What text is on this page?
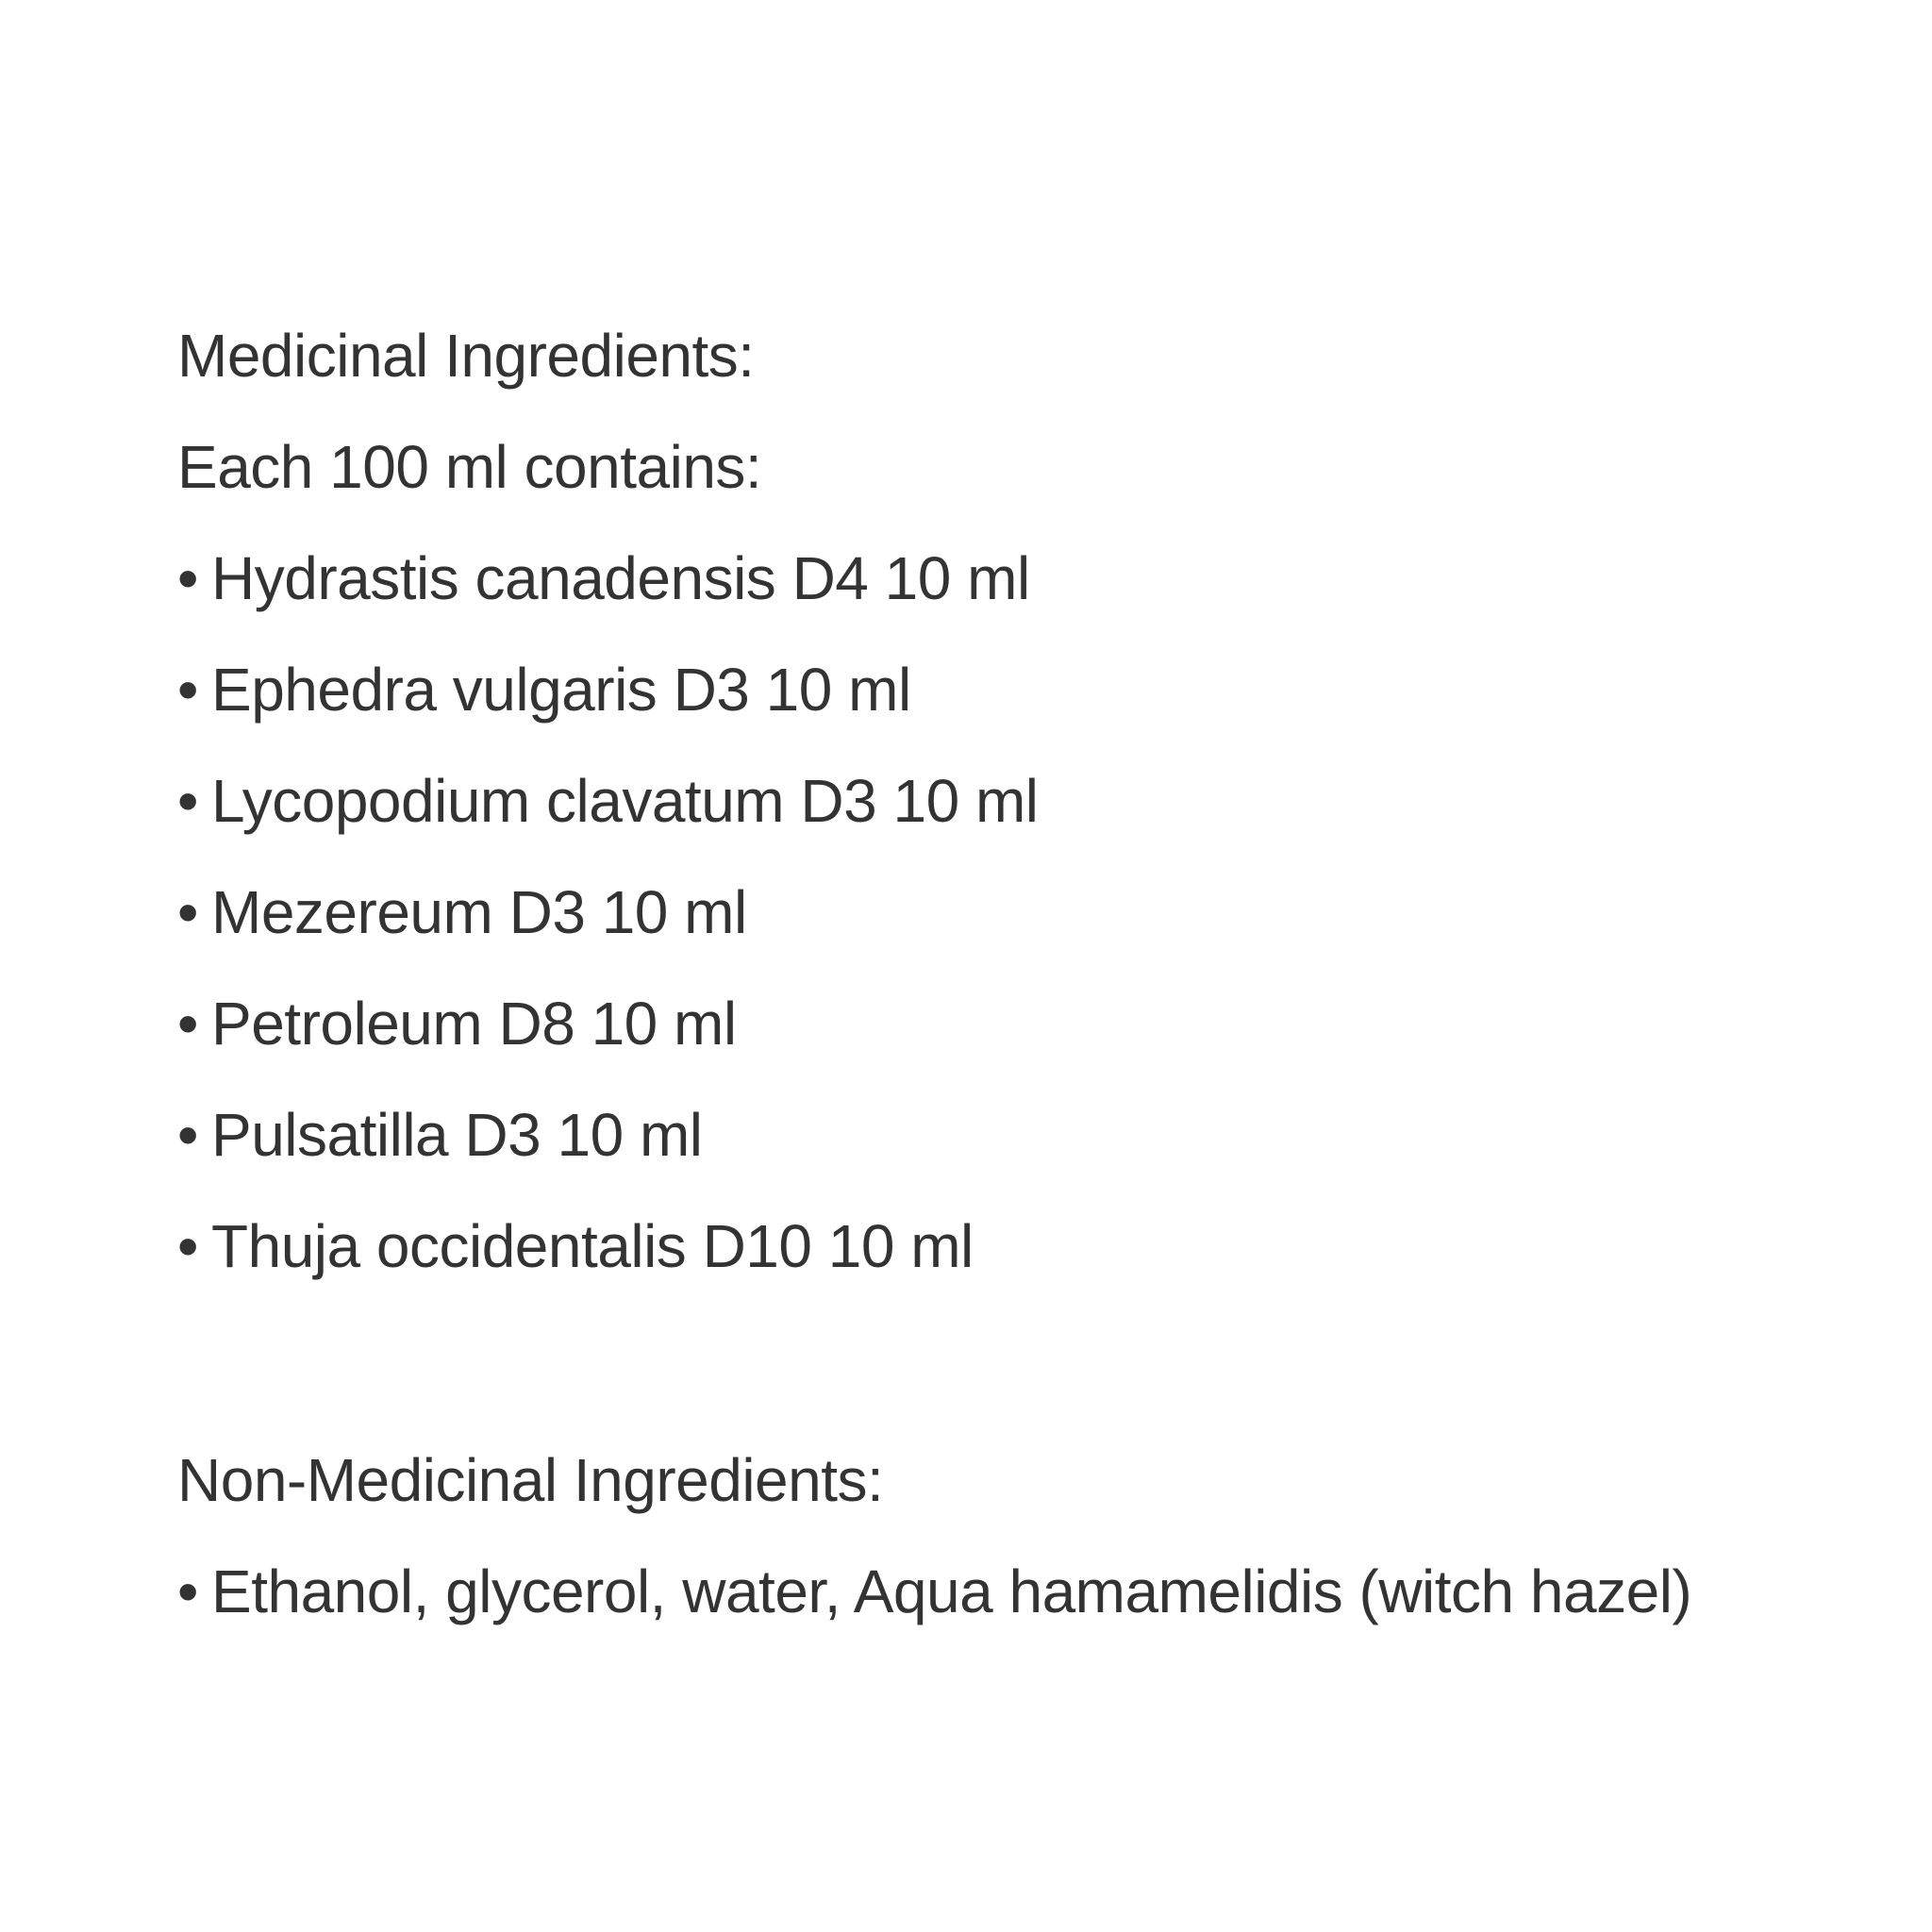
Medicinal Ingredients:
Each 100 ml contains:
• Hydrastis canadensis D4 10 ml
• Ephedra vulgaris D3 10 ml
• Lycopodium clavatum D3 10 ml
• Mezereum D3 10 ml
• Petroleum D8 10 ml
• Pulsatilla D3 10 ml
• Thuja occidentalis D10 10 ml
Non-Medicinal Ingredients:
• Ethanol, glycerol, water, Aqua hamamelidis (witch hazel)
